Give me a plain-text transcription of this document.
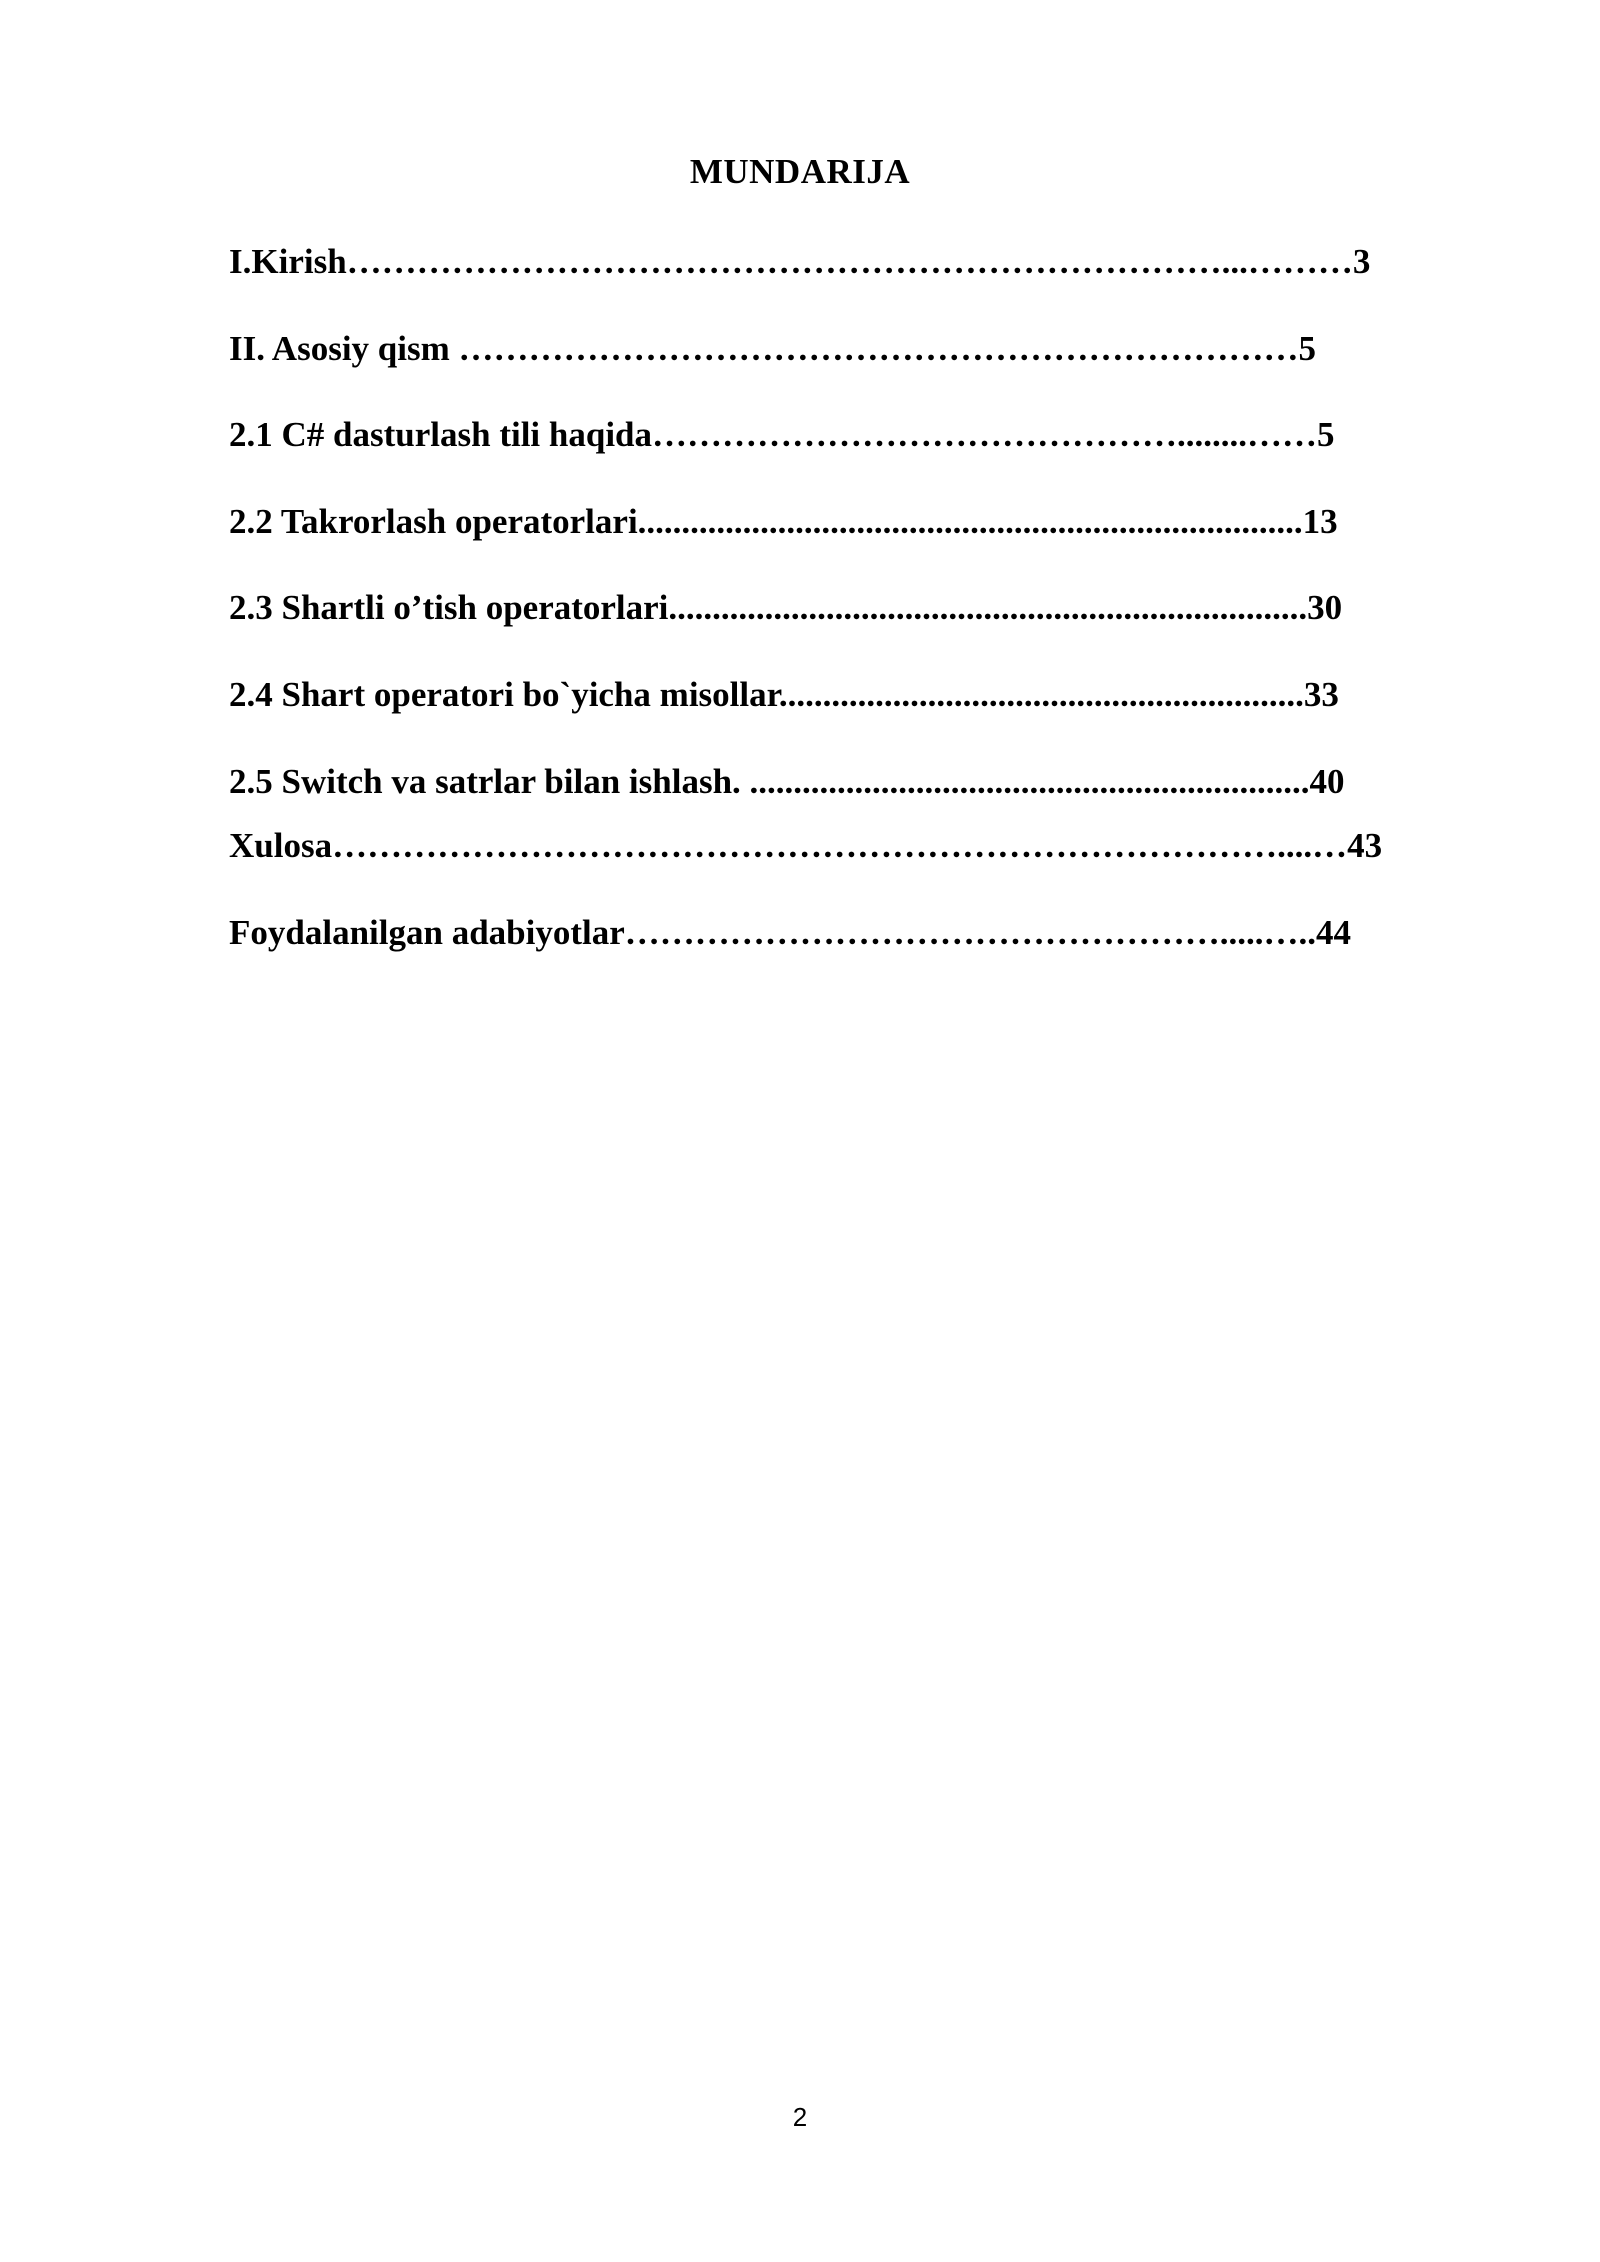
MUNDARIJA
I.Kirish…………………………………………………………………...………3
II. Asosiy qism ………………………………………………………………5
2.1 C# dasturlash tili haqida………………………………………........……5
2.2 Takrorlash operatorlari............................................................................13
2.3 Shartli o’tish operatorlari.........................................................................30
2.4 Shart operatori bo`yicha misollar............................................................33
2.5 Switch va satrlar bilan ishlash. ................................................................40
Xulosa………………………………………………………………………....…43
Foydalanilgan adabiyotlar…………………………………………….....…..44
2
